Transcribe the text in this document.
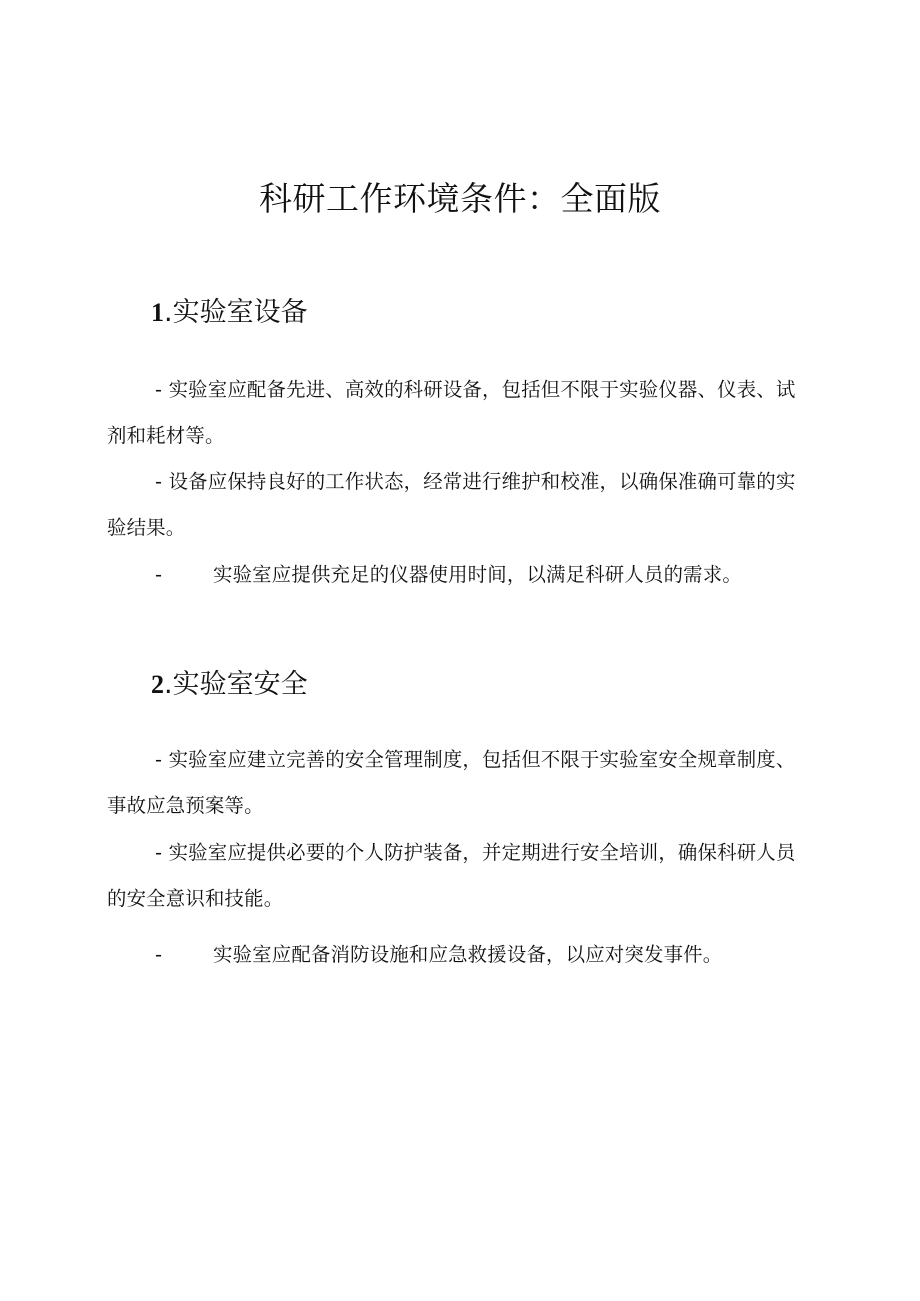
科研工作环境条件：全面版
1.实验室设备

- 实验室应配备先进、高效的科研设备，包括但不限于实验仪器、仪表、试剂和耗材等。

- 设备应保持良好的工作状态，经常进行维护和校准，以确保准确可靠的实验结果。

-	实验室应提供充足的仪器使用时间，以满足科研人员的需求。

2.实验室安全

- 实验室应建立完善的安全管理制度，包括但不限于实验室安全规章制度、事故应急预案等。

- 实验室应提供必要的个人防护装备，并定期进行安全培训，确保科研人员的安全意识和技能。

-	实验室应配备消防设施和应急救援设备，以应对突发事件。
